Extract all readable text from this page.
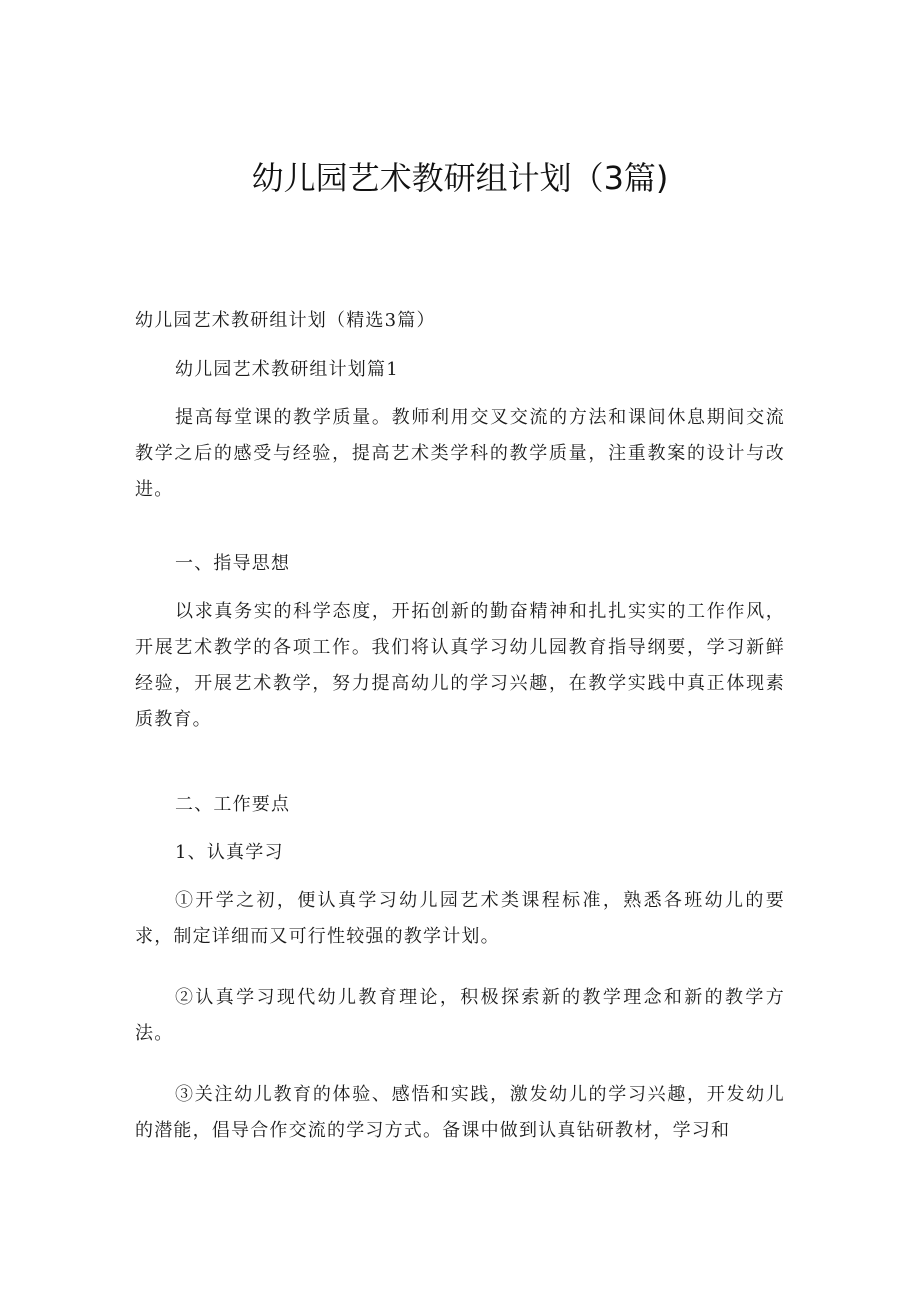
幼儿园艺术教研组计划（3篇)

幼儿园艺术教研组计划（精选3篇）

幼儿园艺术教研组计划篇1

提高每堂课的教学质量。教师利用交叉交流的方法和课间休息期间交流教学之后的感受与经验，提高艺术类学科的教学质量，注重教案的设计与改进。

一、指导思想

以求真务实的科学态度，开拓创新的勤奋精神和扎扎实实的工作作风，开展艺术教学的各项工作。我们将认真学习幼儿园教育指导纲要，学习新鲜经验，开展艺术教学，努力提高幼儿的学习兴趣，在教学实践中真正体现素质教育。

二、工作要点

1、认真学习

①开学之初，便认真学习幼儿园艺术类课程标准，熟悉各班幼儿的要求，制定详细而又可行性较强的教学计划。

②认真学习现代幼儿教育理论，积极探索新的教学理念和新的教学方法。

③关注幼儿教育的体验、感悟和实践，激发幼儿的学习兴趣，开发幼儿的潜能，倡导合作交流的学习方式。备课中做到认真钻研教材，学习和
